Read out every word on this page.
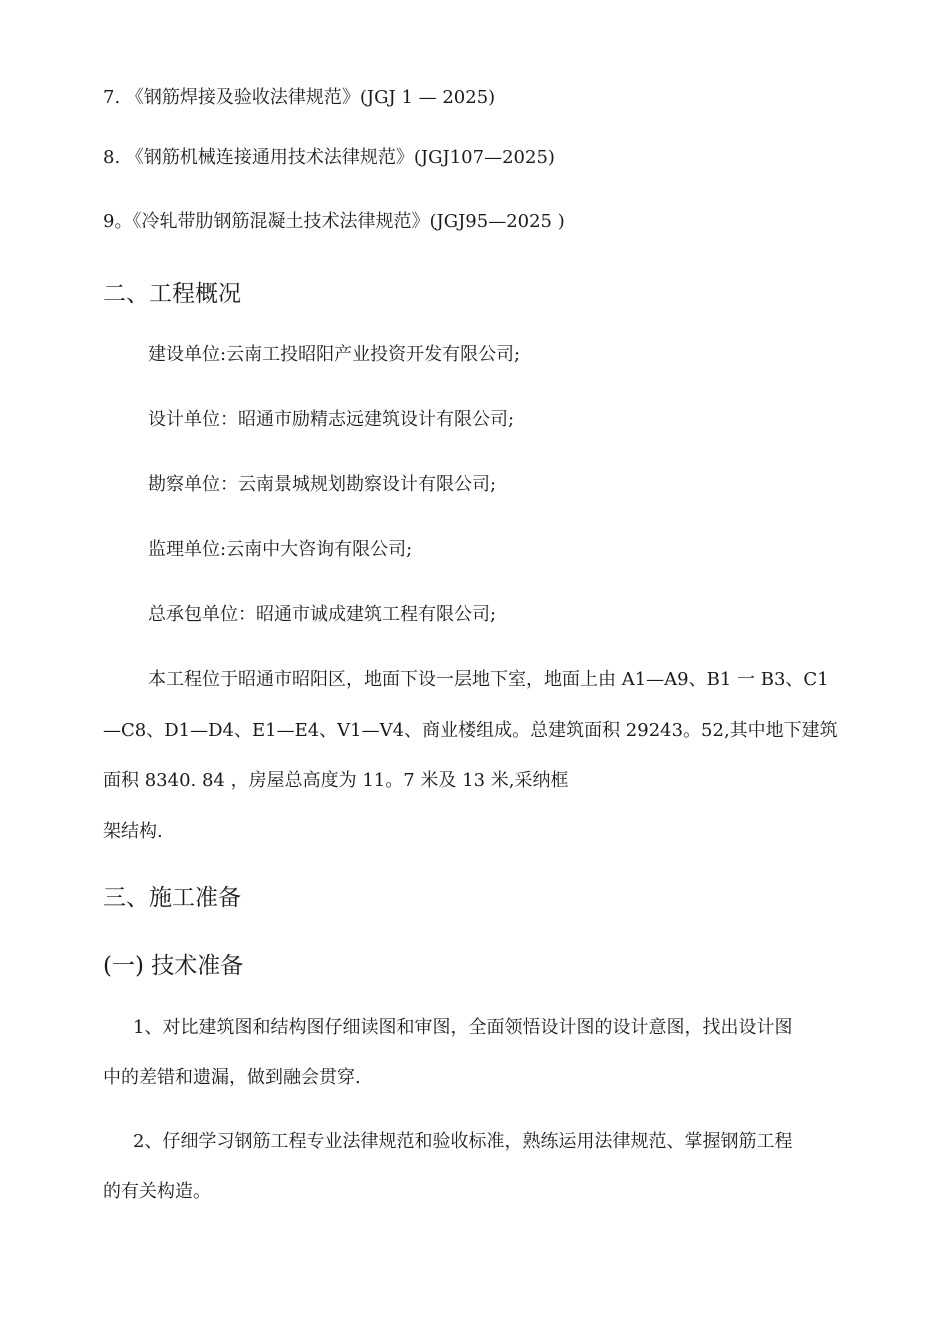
7. 《钢筋焊接及验收法律规范》(JGJ 1 — 2025)
8. 《钢筋机械连接通用技术法律规范》(JGJ107—2025)
9。《冷轧带肋钢筋混凝土技术法律规范》(JGJ95—2025 )
二、工程概况
建设单位:云南工投昭阳产业投资开发有限公司;
设计单位：昭通市励精志远建筑设计有限公司;
勘察单位：云南景城规划勘察设计有限公司;
监理单位:云南中大咨询有限公司;
总承包单位：昭通市诚成建筑工程有限公司;
本工程位于昭通市昭阳区，地面下设一层地下室，地面上由 A1—A9、B1 一 B3、C1
—C8、D1—D4、E1—E4、V1—V4、商业楼组成。总建筑面积 29243。52,其中地下建筑
面积 8340. 84 ，房屋总高度为 11。7 米及 13 米,采纳框
架结构.
三、施工准备
(一) 技术准备
1、对比建筑图和结构图仔细读图和审图，全面领悟设计图的设计意图，找出设计图
中的差错和遗漏，做到融会贯穿.
2、仔细学习钢筋工程专业法律规范和验收标准，熟练运用法律规范、掌握钢筋工程
的有关构造。
